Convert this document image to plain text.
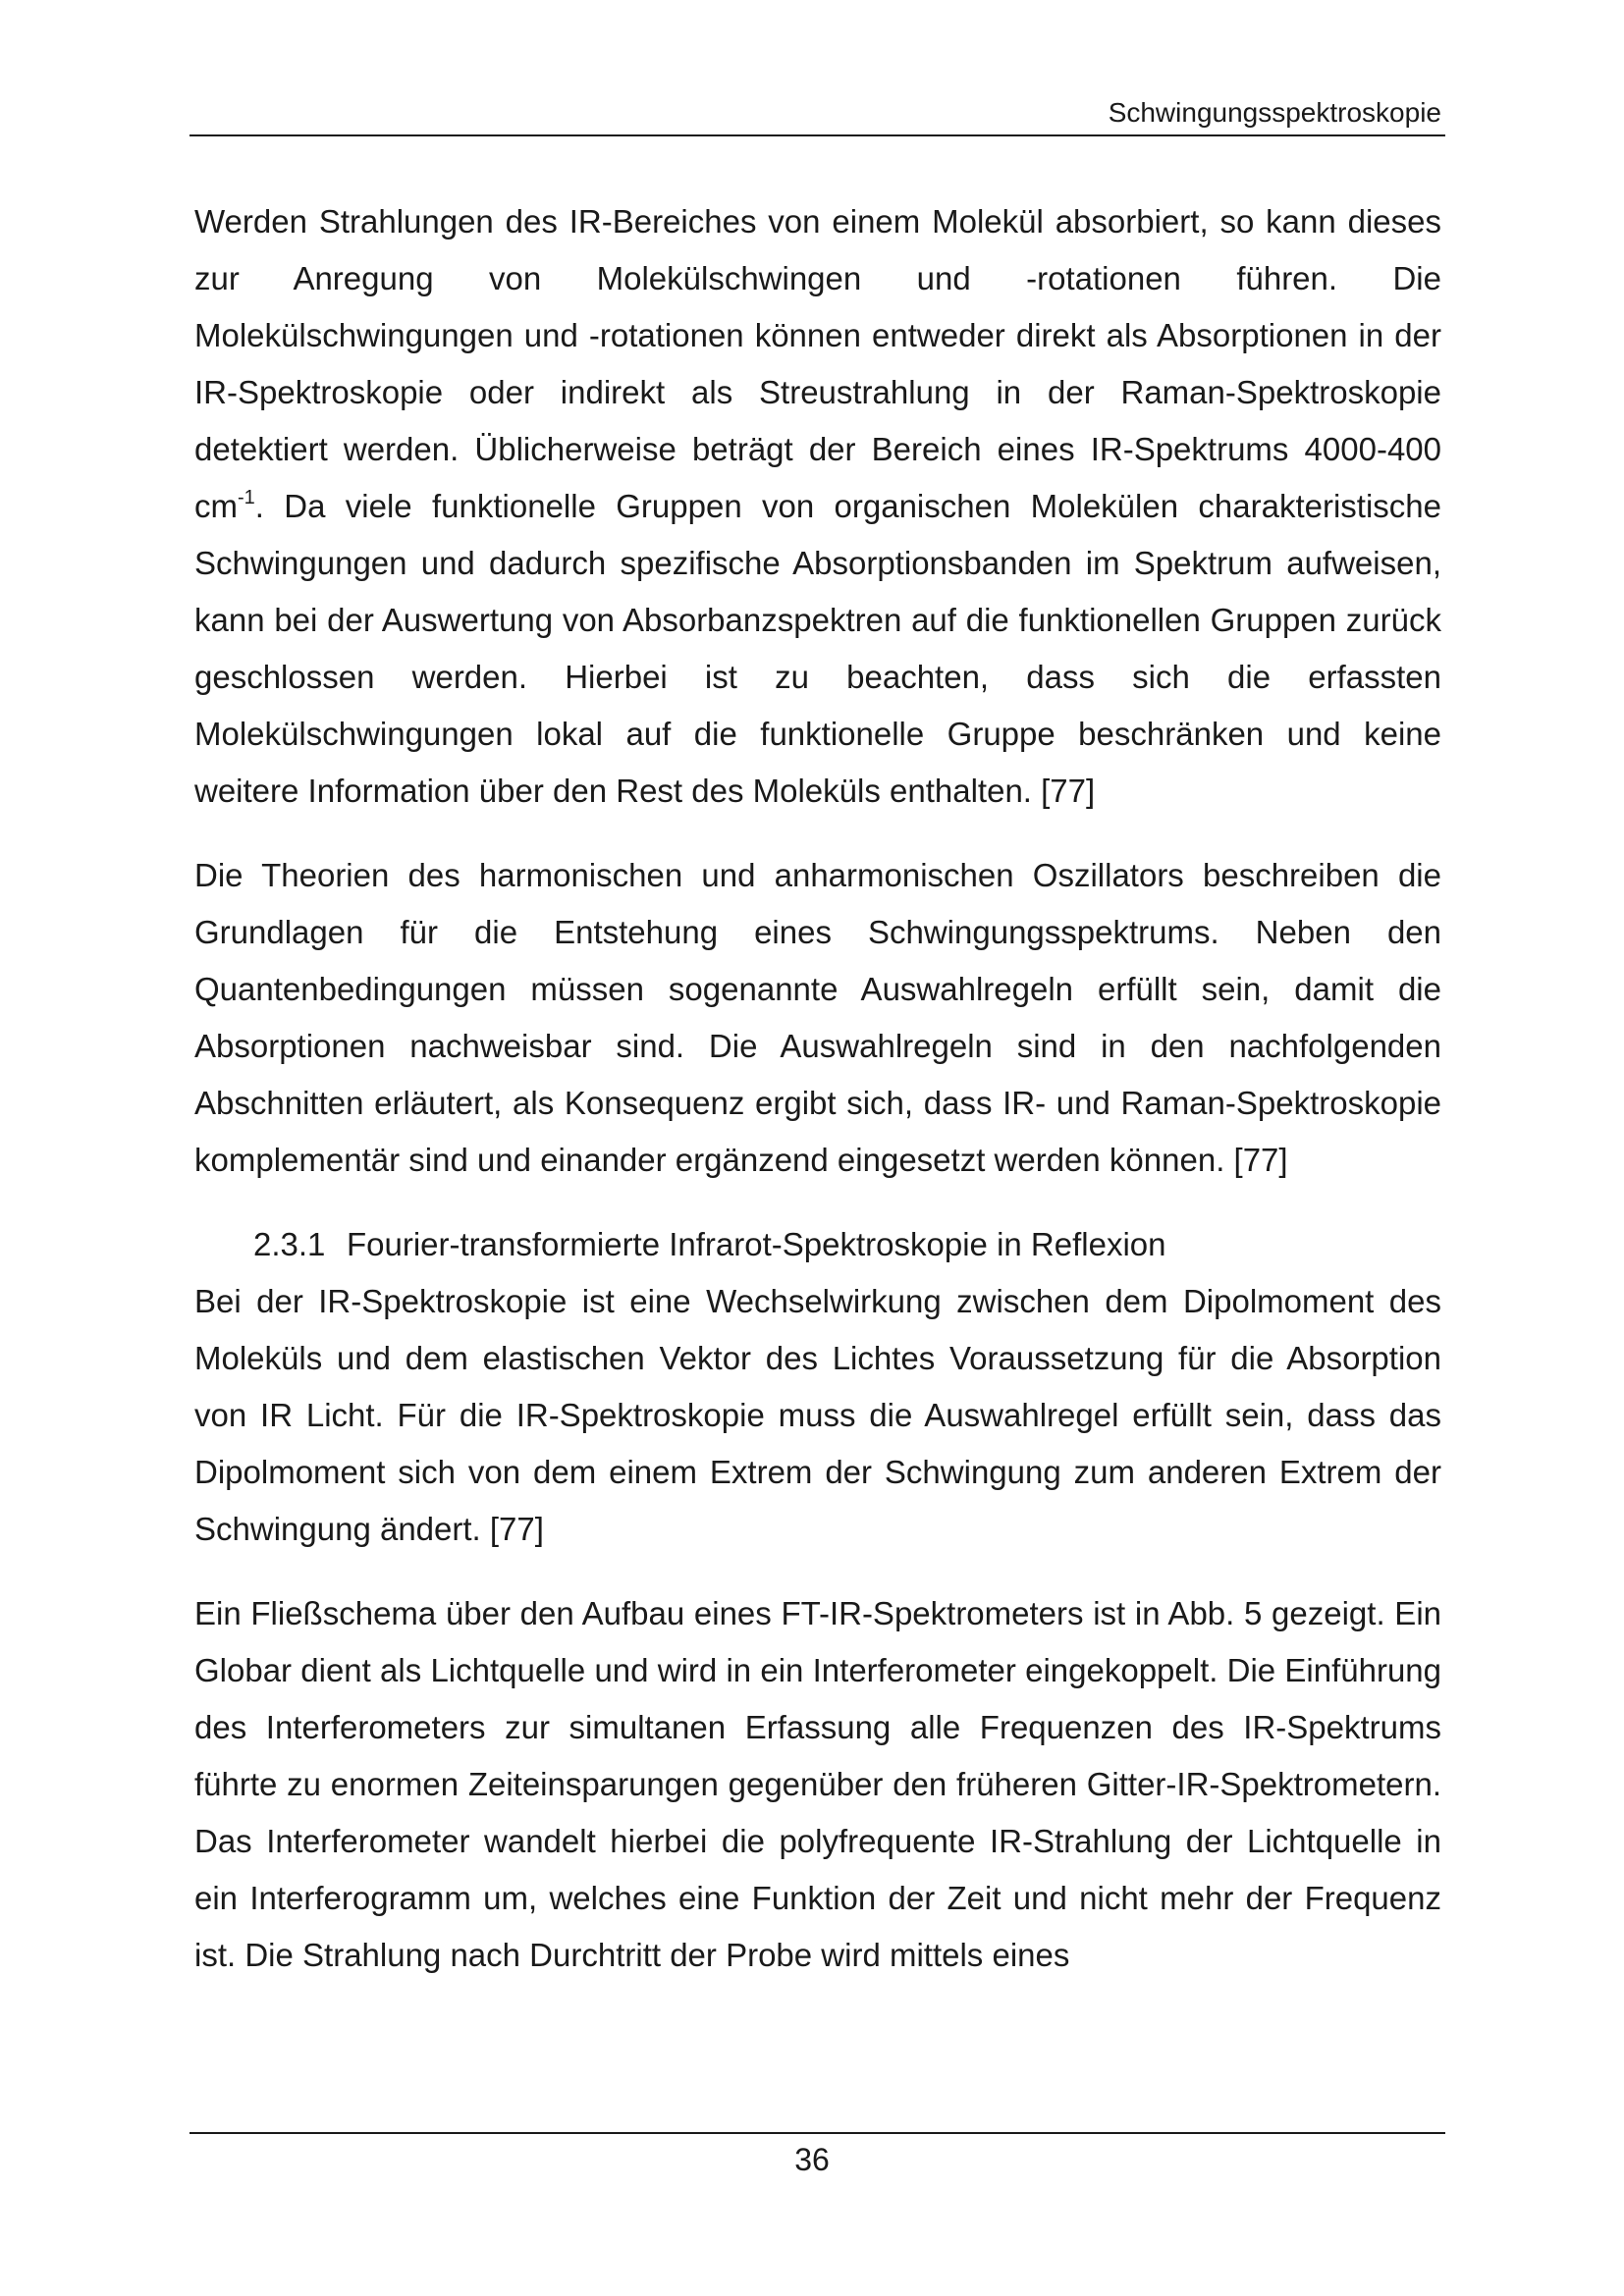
Schwingungsspektroskopie

Werden Strahlungen des IR-Bereiches von einem Molekül absorbiert, so kann dieses zur Anregung von Molekülschwingen und -rotationen führen. Die Molekülschwingungen und -rotationen können entweder direkt als Absorptionen in der IR-Spektroskopie oder indirekt als Streustrahlung in der Raman-Spektroskopie detektiert werden. Üblicherweise beträgt der Bereich eines IR-Spektrums 4000-400 $cm^{-1}$. Da viele funktionelle Gruppen von organischen Molekülen charakteristische Schwingungen und dadurch spezifische Absorptionsbanden im Spektrum aufweisen, kann bei der Auswertung von Absorbanzspektren auf die funktionellen Gruppen zurück geschlossen werden. Hierbei ist zu beachten, dass sich die erfassten Molekülschwingungen lokal auf die funktionelle Gruppe beschränken und keine weitere Information über den Rest des Moleküls enthalten. [77]

Die Theorien des harmonischen und anharmonischen Oszillators beschreiben die Grundlagen für die Entstehung eines Schwingungsspektrums. Neben den Quantenbedingungen müssen sogenannte Auswahlregeln erfüllt sein, damit die Absorptionen nachweisbar sind. Die Auswahlregeln sind in den nachfolgenden Abschnitten erläutert, als Konsequenz ergibt sich, dass IR- und Raman-Spektroskopie komplementär sind und einander ergänzend eingesetzt werden können. [77]

2.3.1 Fourier-transformierte Infrarot-Spektroskopie in Reflexion

Bei der IR-Spektroskopie ist eine Wechselwirkung zwischen dem Dipolmoment des Moleküls und dem elastischen Vektor des Lichtes Voraussetzung für die Absorption von IR Licht. Für die IR-Spektroskopie muss die Auswahlregel erfüllt sein, dass das Dipolmoment sich von dem einem Extrem der Schwingung zum anderen Extrem der Schwingung ändert. [77]

Ein Fließschema über den Aufbau eines FT-IR-Spektrometers ist in Abb. 5 gezeigt. Ein Globar dient als Lichtquelle und wird in ein Interferometer eingekoppelt. Die Einführung des Interferometers zur simultanen Erfassung alle Frequenzen des IR-Spektrums führte zu enormen Zeiteinsparungen gegenüber den früheren Gitter-IR-Spektrometern. Das Interferometer wandelt hierbei die polyfrequente IR-Strahlung der Lichtquelle in ein Interferogramm um, welches eine Funktion der Zeit und nicht mehr der Frequenz ist. Die Strahlung nach Durchtritt der Probe wird mittels eines

36
